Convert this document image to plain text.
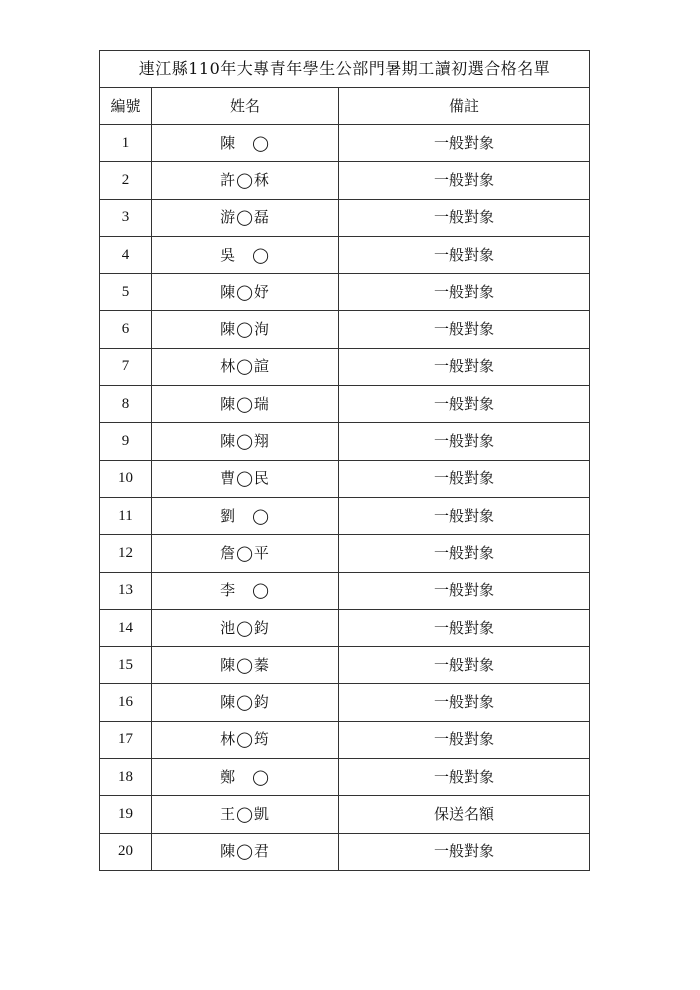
連江縣110年大專青年學生公部門暑期工讀初選合格名單		
編號	姓名	備註
1	陳　◯	一般對象
2	許◯秝	一般對象
3	游◯磊	一般對象
4	吳　◯	一般對象
5	陳◯妤	一般對象
6	陳◯洵	一般對象
7	林◯諠	一般對象
8	陳◯瑞	一般對象
9	陳◯翔	一般對象
10	曹◯民	一般對象
11	劉　◯	一般對象
12	詹◯平	一般對象
13	李　◯	一般對象
14	池◯鈞	一般對象
15	陳◯蓁	一般對象
16	陳◯鈞	一般對象
17	林◯筠	一般對象
18	鄭　◯	一般對象
19	王◯凱	保送名額
20	陳◯君	一般對象
